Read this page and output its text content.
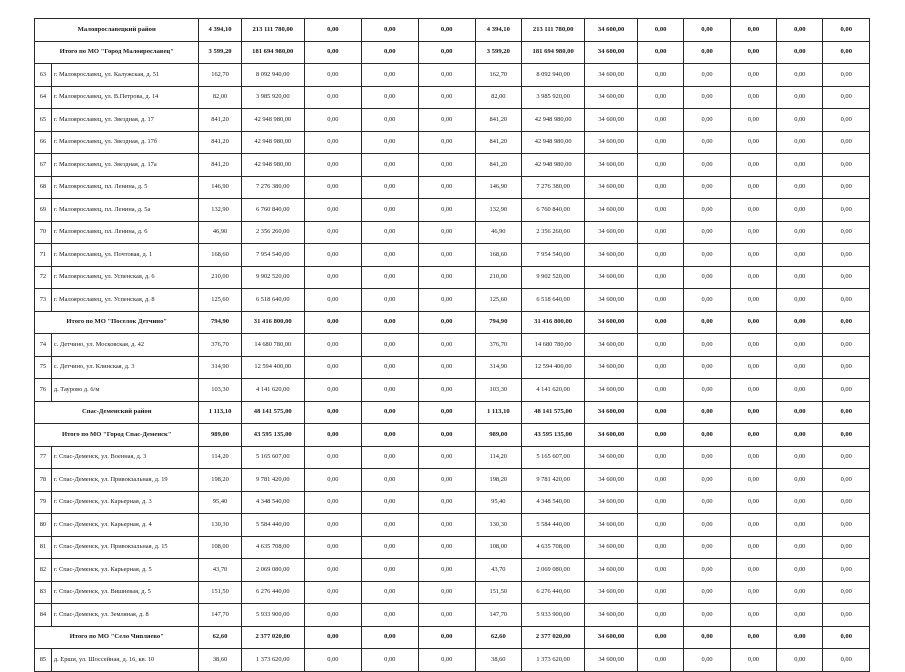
Малоярославецкий район		4 394,10	213 111 780,00	0,00	0,00	0,00	4 394,10	213 111 780,00	34 600,00	0,00	0,00	0,00	0,00	0,00
Итого по МО "Город Малоярославец"		3 599,20	181 694 980,00	0,00	0,00	0,00	3 599,20	181 694 980,00	34 600,00	0,00	0,00	0,00	0,00	0,00
63	г. Малоярославец, ул. Калужская, д. 51	162,70	8 092 940,00	0,00	0,00	0,00	162,70	8 092 940,00	34 600,00	0,00	0,00	0,00	0,00	0,00
64	г. Малоярославец, ул. В.Петрова, д. 14	82,00	3 985 920,00	0,00	0,00	0,00	82,00	3 985 920,00	34 600,00	0,00	0,00	0,00	0,00	0,00
65	г. Малоярославец, ул. Звездная, д. 17	841,20	42 948 980,00	0,00	0,00	0,00	841,20	42 948 980,00	34 600,00	0,00	0,00	0,00	0,00	0,00
66	г. Малоярославец, ул. Звездная, д. 17б	841,20	42 948 980,00	0,00	0,00	0,00	841,20	42 948 980,00	34 600,00	0,00	0,00	0,00	0,00	0,00
67	г. Малоярославец, ул. Звездная, д. 17а	841,20	42 948 980,00	0,00	0,00	0,00	841,20	42 948 980,00	34 600,00	0,00	0,00	0,00	0,00	0,00
68	г. Малоярославец, пл. Ленина, д. 5	146,90	7 276 380,00	0,00	0,00	0,00	146,90	7 276 380,00	34 600,00	0,00	0,00	0,00	0,00	0,00
69	г. Малоярославец, пл. Ленина, д. 5а	132,90	6 760 840,00	0,00	0,00	0,00	132,90	6 760 840,00	34 600,00	0,00	0,00	0,00	0,00	0,00
70	г. Малоярославец, пл. Ленина, д. 6	46,90	2 356 260,00	0,00	0,00	0,00	46,90	2 356 260,00	34 600,00	0,00	0,00	0,00	0,00	0,00
71	г. Малоярославец, ул. Почтовая, д. 1	168,60	7 954 540,00	0,00	0,00	0,00	168,60	7 954 540,00	34 600,00	0,00	0,00	0,00	0,00	0,00
72	г. Малоярославец, ул. Успенская, д. 6	210,00	9 902 520,00	0,00	0,00	0,00	210,00	9 902 520,00	34 600,00	0,00	0,00	0,00	0,00	0,00
73	г. Малоярославец, ул. Успенская, д. 8	125,60	6 518 640,00	0,00	0,00	0,00	125,60	6 518 640,00	34 600,00	0,00	0,00	0,00	0,00	0,00
Итого по МО "Поселок Детчино"		794,90	31 416 800,00	0,00	0,00	0,00	794,90	31 416 800,00	34 600,00	0,00	0,00	0,00	0,00	0,00
74	с. Детчино, ул. Московская, д. 42	376,70	14 680 780,00	0,00	0,00	0,00	376,70	14 680 780,00	34 600,00	0,00	0,00	0,00	0,00	0,00
75	с. Детчино, ул. Клинская, д. 3	314,90	12 594 400,00	0,00	0,00	0,00	314,90	12 594 400,00	34 600,00	0,00	0,00	0,00	0,00	0,00
76	д. Таурово д. 6/м	103,30	4 141 620,00	0,00	0,00	0,00	103,30	4 141 620,00	34 600,00	0,00	0,00	0,00	0,00	0,00
Спас-Деменский район		1 113,10	48 141 575,00	0,00	0,00	0,00	1 113,10	48 141 575,00	34 600,00	0,00	0,00	0,00	0,00	0,00
Итого по МО "Город Спас-Деменск"		989,00	43 595 135,00	0,00	0,00	0,00	989,00	43 595 135,00	34 600,00	0,00	0,00	0,00	0,00	0,00
77	г. Спас-Деменск, ул. Военная, д. 3	114,20	5 165 607,00	0,00	0,00	0,00	114,20	5 165 607,00	34 600,00	0,00	0,00	0,00	0,00	0,00
78	г. Спас-Деменск, ул. Привокзальная, д. 19	198,20	9 781 420,00	0,00	0,00	0,00	198,20	9 781 420,00	34 600,00	0,00	0,00	0,00	0,00	0,00
79	г. Спас-Деменск, ул. Карьерная, д. 3	95,40	4 348 540,00	0,00	0,00	0,00	95,40	4 348 540,00	34 600,00	0,00	0,00	0,00	0,00	0,00
80	г. Спас-Деменск, ул. Карьерная, д. 4	130,30	5 584 440,00	0,00	0,00	0,00	130,30	5 584 440,00	34 600,00	0,00	0,00	0,00	0,00	0,00
81	г. Спас-Деменск, ул. Привокзальная, д. 15	108,00	4 635 708,00	0,00	0,00	0,00	108,00	4 635 708,00	34 600,00	0,00	0,00	0,00	0,00	0,00
82	г. Спас-Деменск, ул. Карьерная, д. 5	43,70	2 069 080,00	0,00	0,00	0,00	43,70	2 069 080,00	34 600,00	0,00	0,00	0,00	0,00	0,00
83	г. Спас-Деменск, ул. Вишневая, д. 5	151,50	6 276 440,00	0,00	0,00	0,00	151,50	6 276 440,00	34 600,00	0,00	0,00	0,00	0,00	0,00
84	г. Спас-Деменск, ул. Земляная, д. 8	147,70	5 933 900,00	0,00	0,00	0,00	147,70	5 933 900,00	34 600,00	0,00	0,00	0,00	0,00	0,00
Итого по МО "Село Чипляево"		62,60	2 377 020,00	0,00	0,00	0,00	62,60	2 377 020,00	34 600,00	0,00	0,00	0,00	0,00	0,00
85	д. Ерши, ул. Шоссейная, д. 16, кв. 10	38,60	1 373 620,00	0,00	0,00	0,00	38,60	1 373 620,00	34 600,00	0,00	0,00	0,00	0,00	0,00
